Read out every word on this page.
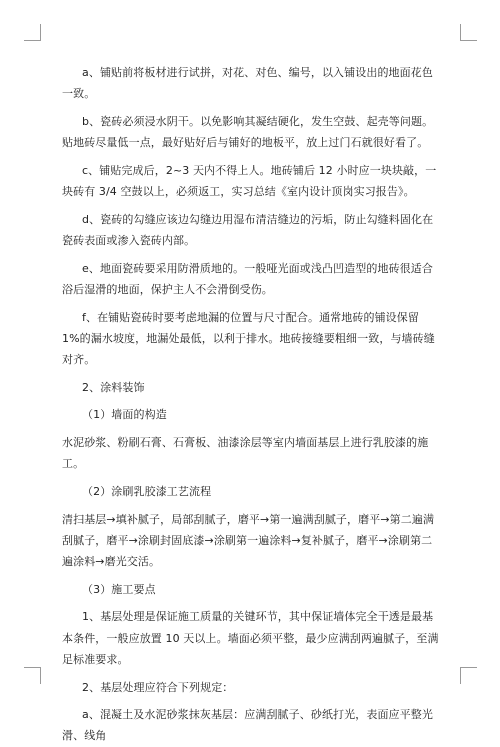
a、铺贴前将板材进行试拼，对花、对色、编号，以入铺设出的地面花色一致。

b、瓷砖必须浸水阴干。以免影响其凝结硬化，发生空鼓、起壳等问题。贴地砖尽量低一点，最好贴好后与铺好的地板平，放上过门石就很好看了。

c、铺贴完成后，2~3 天内不得上人。地砖铺后 12 小时应一块块敲，一块砖有 3/4 空鼓以上，必须返工，实习总结《室内设计顶岗实习报告》。

d、瓷砖的勾缝应该边勾缝边用湿布清洁缝边的污垢，防止勾缝料固化在瓷砖表面或渗入瓷砖内部。

e、地面瓷砖要采用防滑质地的。一般哑光面或浅凸凹造型的地砖很适合浴后湿滑的地面，保护主人不会滑倒受伤。

f、在铺贴瓷砖时要考虑地漏的位置与尺寸配合。通常地砖的铺设保留 1%的漏水坡度，地漏处最低，以利于排水。地砖接缝要粗细一致，与墙砖缝对齐。

2、涂料装饰

（1）墙面的构造

水泥砂浆、粉刷石膏、石膏板、油漆涂层等室内墙面基层上进行乳胶漆的施工。

（2）涂刷乳胶漆工艺流程

清扫基层→填补腻子，局部刮腻子，磨平→第一遍满刮腻子，磨平→第二遍满刮腻子，磨平→涂刷封固底漆→涂刷第一遍涂料→复补腻子，磨平→涂刷第二遍涂料→磨光交活。

（3）施工要点

1、基层处理是保证施工质量的关键环节，其中保证墙体完全干透是最基本条件，一般应放置 10 天以上。墙面必须平整，最少应满刮两遍腻子，至满足标准要求。

2、基层处理应符合下列规定：

a、混凝土及水泥砂浆抹灰基层：应满刮腻子、砂纸打光，表面应平整光滑、线角
